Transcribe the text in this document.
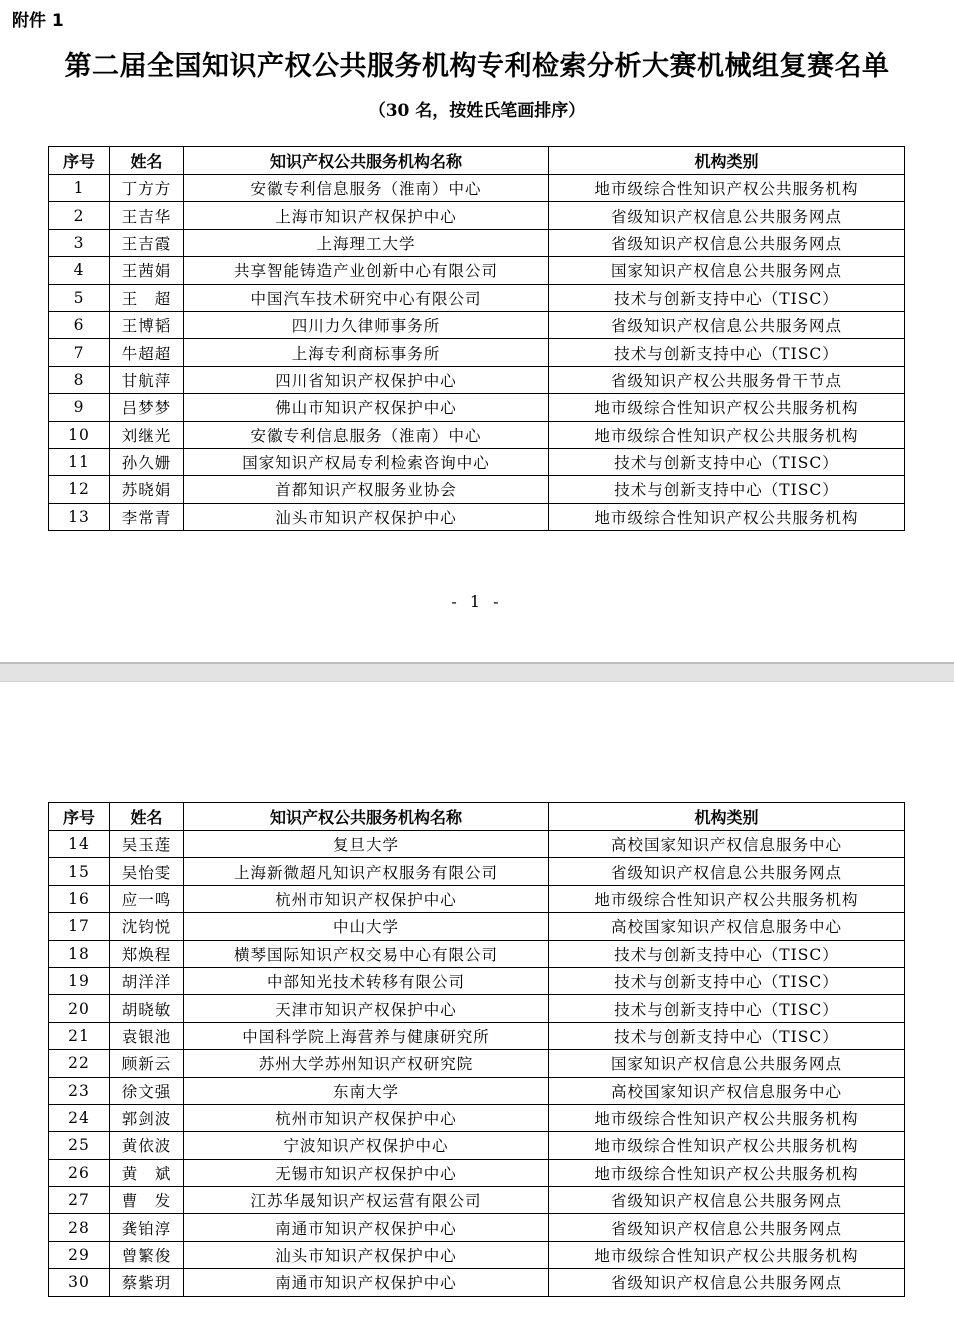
附件 1
第二届全国知识产权公共服务机构专利检索分析大赛机械组复赛名单
（30 名，按姓氏笔画排序）
序号	姓名	知识产权公共服务机构名称	机构类别
1	丁方方	安徽专利信息服务（淮南）中心	地市级综合性知识产权公共服务机构
2	王吉华	上海市知识产权保护中心	省级知识产权信息公共服务网点
3	王吉霞	上海理工大学	省级知识产权信息公共服务网点
4	王茜娟	共享智能铸造产业创新中心有限公司	国家知识产权信息公共服务网点
5	王　超	中国汽车技术研究中心有限公司	技术与创新支持中心（TISC）
6	王博韬	四川力久律师事务所	省级知识产权信息公共服务网点
7	牛超超	上海专利商标事务所	技术与创新支持中心（TISC）
8	甘航萍	四川省知识产权保护中心	省级知识产权公共服务骨干节点
9	吕梦梦	佛山市知识产权保护中心	地市级综合性知识产权公共服务机构
10	刘继光	安徽专利信息服务（淮南）中心	地市级综合性知识产权公共服务机构
11	孙久姗	国家知识产权局专利检索咨询中心	技术与创新支持中心（TISC）
12	苏晓娟	首都知识产权服务业协会	技术与创新支持中心（TISC）
13	李常青	汕头市知识产权保护中心	地市级综合性知识产权公共服务机构
- 1 -
序号	姓名	知识产权公共服务机构名称	机构类别
14	吴玉莲	复旦大学	高校国家知识产权信息服务中心
15	吴怡雯	上海新微超凡知识产权服务有限公司	省级知识产权信息公共服务网点
16	应一鸣	杭州市知识产权保护中心	地市级综合性知识产权公共服务机构
17	沈钧悦	中山大学	高校国家知识产权信息服务中心
18	郑焕程	横琴国际知识产权交易中心有限公司	技术与创新支持中心（TISC）
19	胡洋洋	中部知光技术转移有限公司	技术与创新支持中心（TISC）
20	胡晓敏	天津市知识产权保护中心	技术与创新支持中心（TISC）
21	袁银池	中国科学院上海营养与健康研究所	技术与创新支持中心（TISC）
22	顾新云	苏州大学苏州知识产权研究院	国家知识产权信息公共服务网点
23	徐文强	东南大学	高校国家知识产权信息服务中心
24	郭剑波	杭州市知识产权保护中心	地市级综合性知识产权公共服务机构
25	黄依波	宁波知识产权保护中心	地市级综合性知识产权公共服务机构
26	黄　斌	无锡市知识产权保护中心	地市级综合性知识产权公共服务机构
27	曹　发	江苏华晟知识产权运营有限公司	省级知识产权信息公共服务网点
28	龚铂淳	南通市知识产权保护中心	省级知识产权信息公共服务网点
29	曾繁俊	汕头市知识产权保护中心	地市级综合性知识产权公共服务机构
30	蔡紫玥	南通市知识产权保护中心	省级知识产权信息公共服务网点
